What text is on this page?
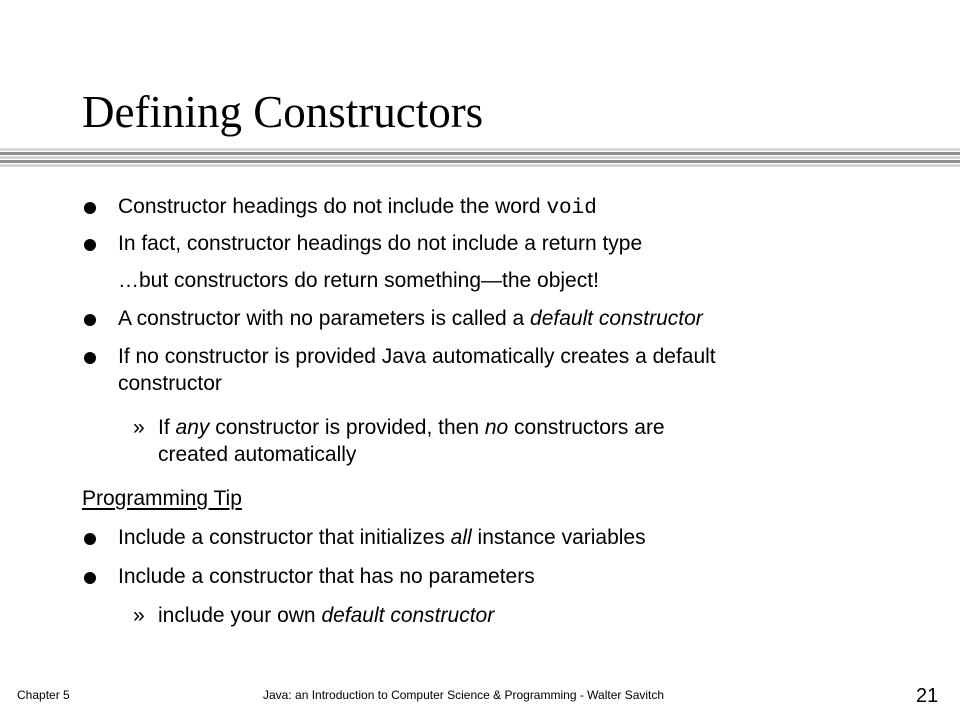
Defining Constructors
Constructor headings do not include the word void
In fact, constructor headings do not include a return type
…but constructors do return something—the object!
A constructor with no parameters is called a default constructor
If no constructor is provided Java automatically creates a default
constructor
» If any constructor is provided, then no constructors are
created automatically
Programming Tip
Include a constructor that initializes all instance variables
Include a constructor that has no parameters
» include your own default constructor
Chapter 5	Java: an Introduction to Computer Science & Programming - Walter Savitch	21
